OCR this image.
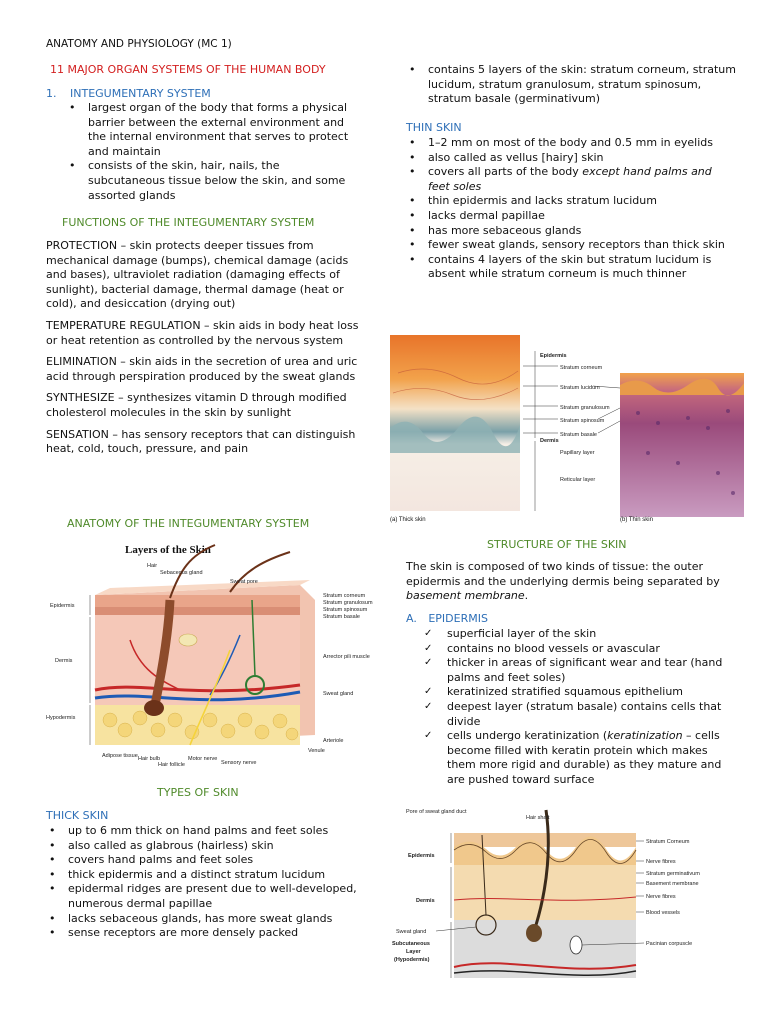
ANATOMY AND PHYSIOLOGY (MC 1)
11 MAJOR ORGAN SYSTEMS OF THE HUMAN BODY
1. INTEGUMENTARY SYSTEM
• largest organ of the body that forms a physical barrier between the external environment and the internal environment that serves to protect and maintain
• consists of the skin, hair, nails, the subcutaneous tissue below the skin, and some assorted glands
FUNCTIONS OF THE INTEGUMENTARY SYSTEM

PROTECTION – skin protects deeper tissues from mechanical damage (bumps), chemical damage (acids and bases), ultraviolet radiation (damaging effects of sunlight), bacterial damage, thermal damage (heat or cold), and desiccation (drying out)

TEMPERATURE REGULATION – skin aids in body heat loss or heat retention as controlled by the nervous system

ELIMINATION – skin aids in the secretion of urea and uric acid through perspiration produced by the sweat glands

SYNTHESIZE – synthesizes vitamin D through modified cholesterol molecules in the skin by sunlight

SENSATION – has sensory receptors that can distinguish heat, cold, touch, pressure, and pain

ANATOMY OF THE INTEGUMENTARY SYSTEM
Layers of the Skin
Epidermis
Dermis
Hypodermis
Hair
Sebaceous gland
Sweat pore
Stratum corneum
Stratum granulosum
Stratum spinosum
Stratum basale
Arrector pili muscle
Sweat gland
Arteriole
Venule
Adipose tissue Hair bulb
Hair follicle
Motor nerve
Sensory nerve
TYPES OF SKIN
THICK SKIN
• up to 6 mm thick on hand palms and feet soles
• also called as glabrous (hairless) skin
• covers hand palms and feet soles
• thick epidermis and a distinct stratum lucidum
• epidermal ridges are present due to well-developed, numerous dermal papillae
• lacks sebaceous glands, has more sweat glands
• sense receptors are more densely packed
• contains 5 layers of the skin: stratum corneum, stratum lucidum, stratum granulosum, stratum spinosum, stratum basale (germinativum)
THIN SKIN
• 1–2 mm on most of the body and 0.5 mm in eyelids
• also called as vellus [hairy] skin
• covers all parts of the body except hand palms and feet soles
• thin epidermis and lacks stratum lucidum
• lacks dermal papillae
• has more sebaceous glands
• fewer sweat glands, sensory receptors than thick skin
• contains 4 layers of the skin but stratum lucidum is absent while stratum corneum is much thinner
Epidermis
Stratum corneum
Stratum lucidum
Stratum granulosum
Stratum spinosum
Stratum basale
Dermis
Papillary layer
Reticular layer
(a) Thick skin	(b) Thin skin
STRUCTURE OF THE SKIN

The skin is composed of two kinds of tissue: the outer epidermis and the underlying dermis being separated by basement membrane.

A. EPIDERMIS
✓ superficial layer of the skin
✓ contains no blood vessels or avascular
✓ thicker in areas of significant wear and tear (hand palms and feet soles)
✓ keratinized stratified squamous epithelium
✓ deepest layer (stratum basale) contains cells that divide
✓ cells undergo keratinization (keratinization – cells become filled with keratin protein which makes them more rigid and durable) as they mature and are pushed toward surface
Pore of sweat gland duct
Hair shaft
Stratum Corneum
Nerve fibres
Stratum germinativum
Basement membrane
Nerve fibres
Blood vessels
Pacinian corpuscle
Epidermis
Dermis
Sweat gland
Subcutaneous
Layer
(Hypodermis)
